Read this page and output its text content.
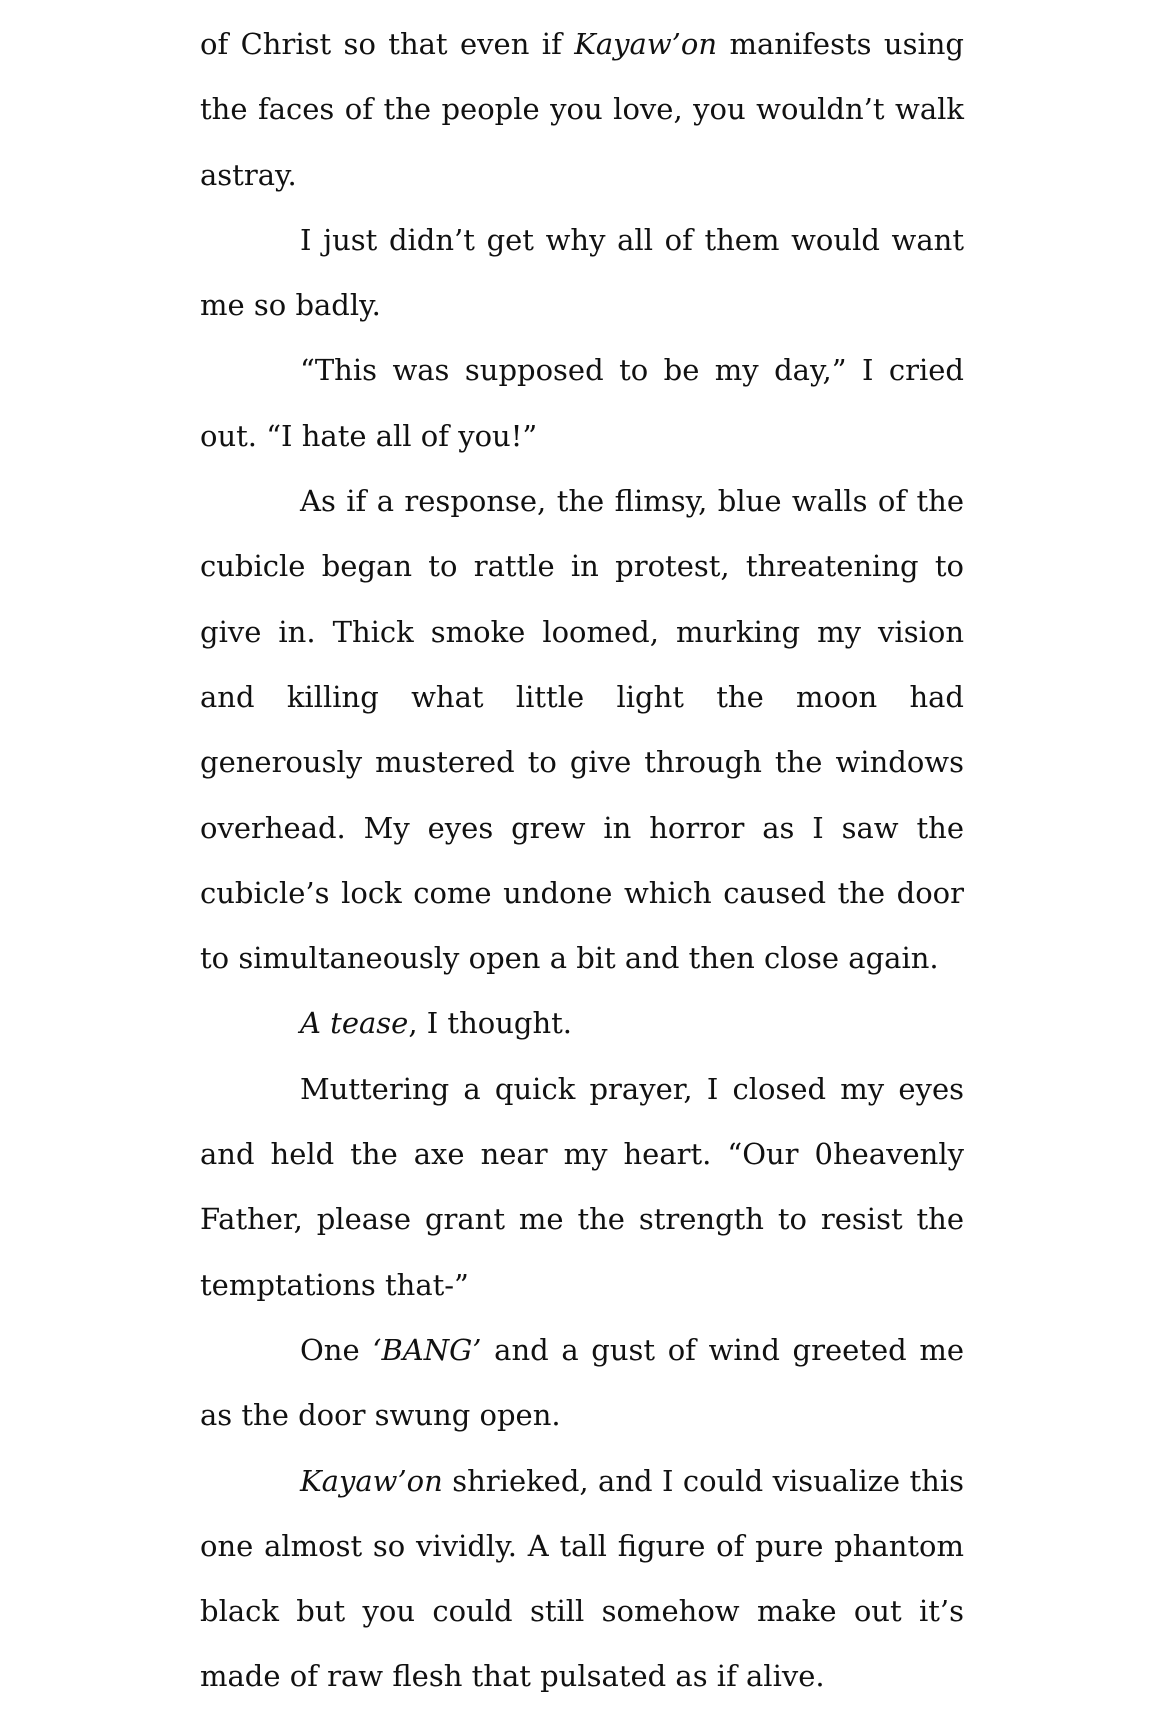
of Christ so that even if Kayaw’on manifests using the faces of the people you love, you wouldn’t walk astray.

I just didn’t get why all of them would want me so badly.

“This was supposed to be my day,” I cried out. “I hate all of you!”

As if a response, the flimsy, blue walls of the cubicle began to rattle in protest, threatening to give in. Thick smoke loomed, murking my vision and killing what little light the moon had generously mustered to give through the windows overhead. My eyes grew in horror as I saw the cubicle’s lock come undone which caused the door to simultaneously open a bit and then close again.

A tease, I thought.

Muttering a quick prayer, I closed my eyes and held the axe near my heart. “Our 0heavenly Father, please grant me the strength to resist the temptations that-”

One ‘BANG’ and a gust of wind greeted me as the door swung open.

Kayaw’on shrieked, and I could visualize this one almost so vividly. A tall figure of pure phantom black but you could still somehow make out it’s made of raw flesh that pulsated as if alive.
